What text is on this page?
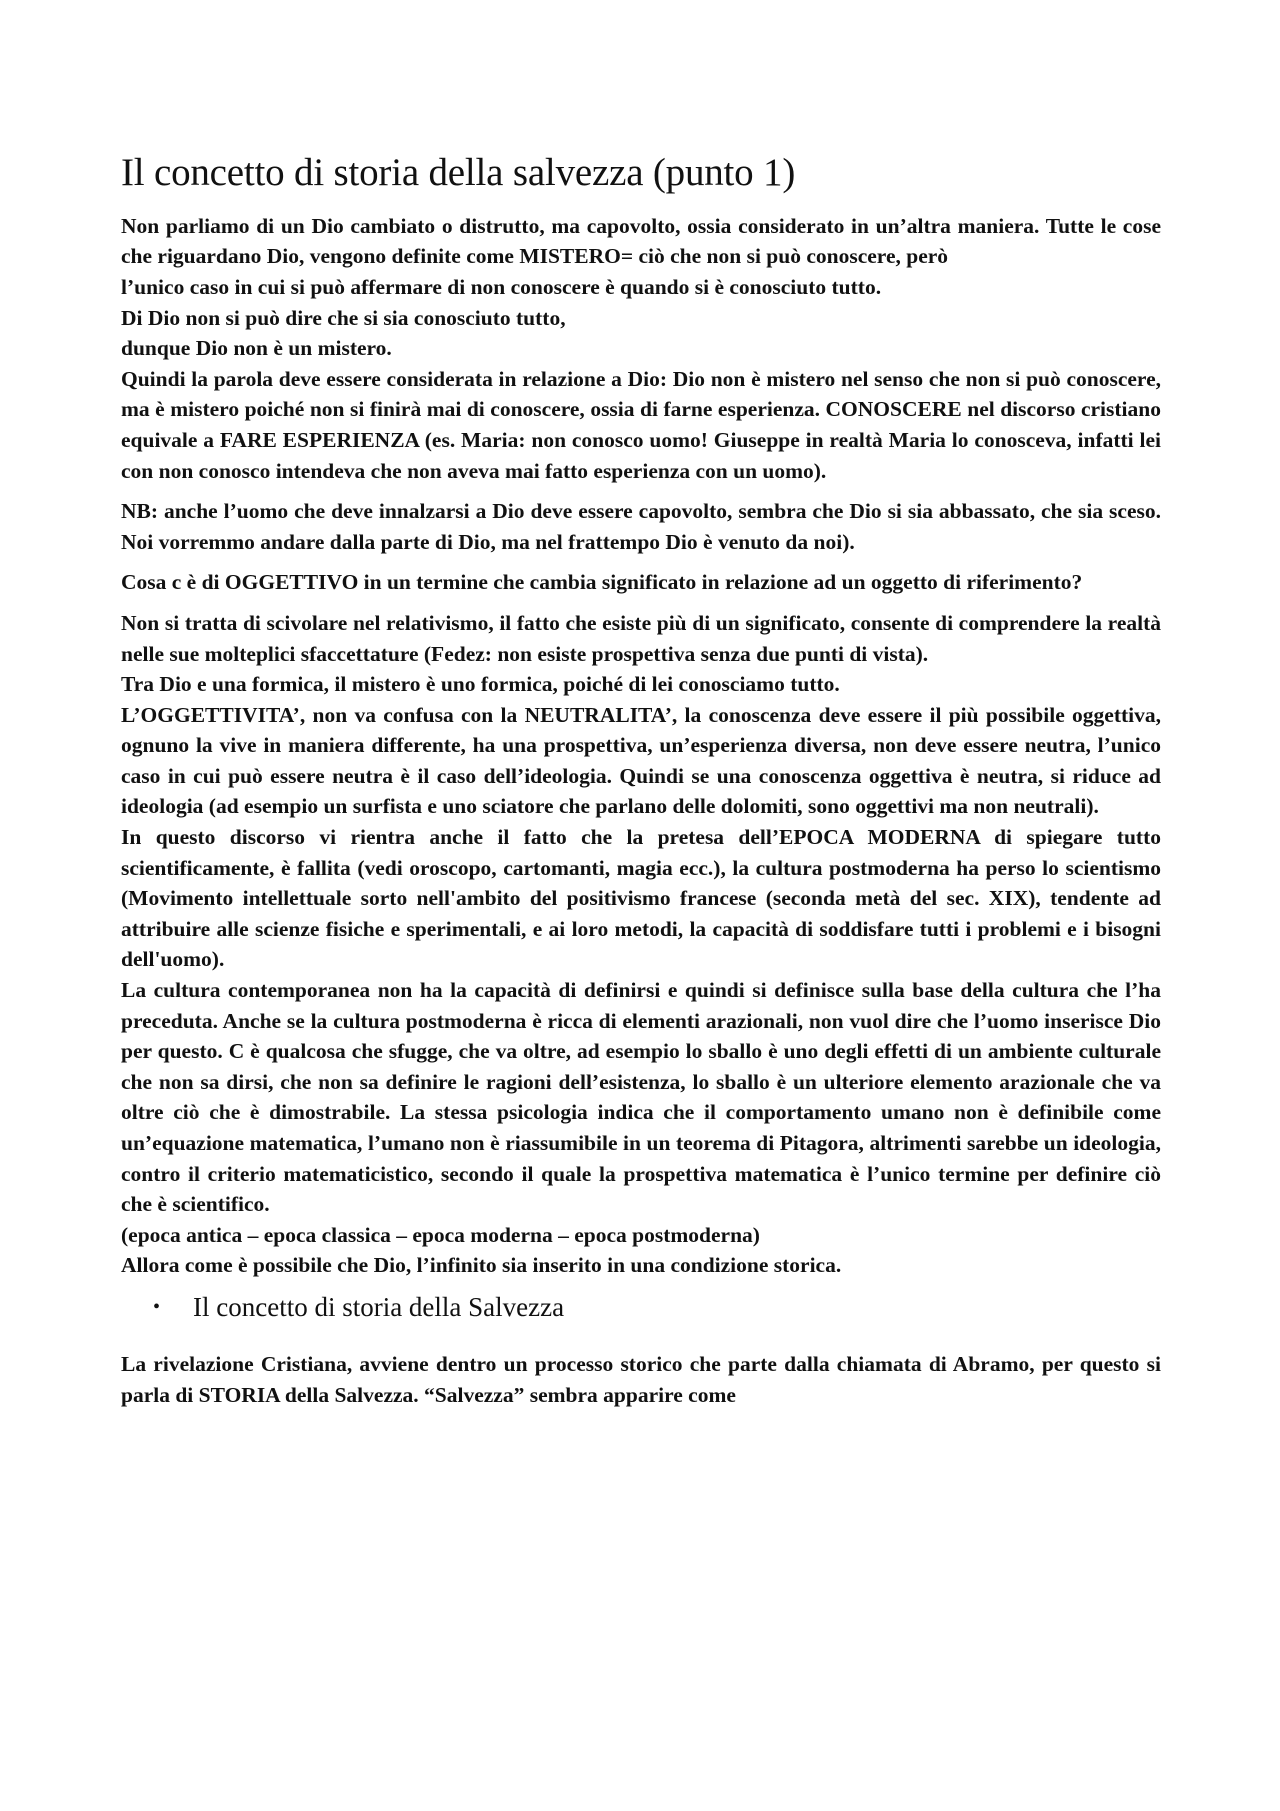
Il concetto di storia della salvezza (punto 1)
Non parliamo di un Dio cambiato o distrutto, ma capovolto, ossia considerato in un’altra maniera. Tutte le cose che riguardano Dio, vengono definite come MISTERO= ciò che non si può conoscere, però
l’unico caso in cui si può affermare di non conoscere è quando si è conosciuto tutto.
Di Dio non si può dire che si sia conosciuto tutto,
dunque Dio non è un mistero.
Quindi la parola deve essere considerata in relazione a Dio: Dio non è mistero nel senso che non si può conoscere, ma è mistero poiché non si finirà mai di conoscere, ossia di farne esperienza. CONOSCERE nel discorso cristiano equivale a FARE ESPERIENZA (es. Maria: non conosco uomo! Giuseppe in realtà Maria lo conosceva, infatti lei con non conosco intendeva che non aveva mai fatto esperienza con un uomo).

NB: anche l’uomo che deve innalzarsi a Dio deve essere capovolto, sembra che Dio si sia abbassato, che sia sceso. Noi vorremmo andare dalla parte di Dio, ma nel frattempo Dio è venuto da noi).

Cosa c è di OGGETTIVO in un termine che cambia significato in relazione ad un oggetto di riferimento?

Non si tratta di scivolare nel relativismo, il fatto che esiste più di un significato, consente di comprendere la realtà nelle sue molteplici sfaccettature (Fedez: non esiste prospettiva senza due punti di vista).
Tra Dio e una formica, il mistero è uno formica, poiché di lei conosciamo tutto.
L’OGGETTIVITA’, non va confusa con la NEUTRALITA’, la conoscenza deve essere il più possibile oggettiva, ognuno la vive in maniera differente, ha una prospettiva, un’esperienza diversa, non deve essere neutra, l’unico caso in cui può essere neutra è il caso dell’ideologia. Quindi se una conoscenza oggettiva è neutra, si riduce ad ideologia (ad esempio un surfista e uno sciatore che parlano delle dolomiti, sono oggettivi ma non neutrali).
In questo discorso vi rientra anche il fatto che la pretesa dell’EPOCA MODERNA di spiegare tutto scientificamente, è fallita (vedi oroscopo, cartomanti, magia ecc.), la cultura postmoderna ha perso lo scientismo (Movimento intellettuale sorto nell'ambito del positivismo francese (seconda metà del sec. XIX), tendente ad attribuire alle scienze fisiche e sperimentali, e ai loro metodi, la capacità di soddisfare tutti i problemi e i bisogni dell'uomo).
La cultura contemporanea non ha la capacità di definirsi e quindi si definisce sulla base della cultura che l’ha preceduta. Anche se la cultura postmoderna è ricca di elementi arazionali, non vuol dire che l’uomo inserisce Dio per questo. C è qualcosa che sfugge, che va oltre, ad esempio lo sballo è uno degli effetti di un ambiente culturale che non sa dirsi, che non sa definire le ragioni dell’esistenza, lo sballo è un ulteriore elemento arazionale che va oltre ciò che è dimostrabile. La stessa psicologia indica che il comportamento umano non è definibile come un’equazione matematica, l’umano non è riassumibile in un teorema di Pitagora, altrimenti sarebbe un ideologia, contro il criterio matematicistico, secondo il quale la prospettiva matematica è l’unico termine per definire ciò che è scientifico.
(epoca antica – epoca classica – epoca moderna – epoca postmoderna)
Allora come è possibile che Dio, l’infinito sia inserito in una condizione storica.
•	Il concetto di storia della Salvezza

La rivelazione Cristiana, avviene dentro un processo storico che parte dalla chiamata di Abramo, per questo si parla di STORIA della Salvezza. “Salvezza” sembra apparire come
